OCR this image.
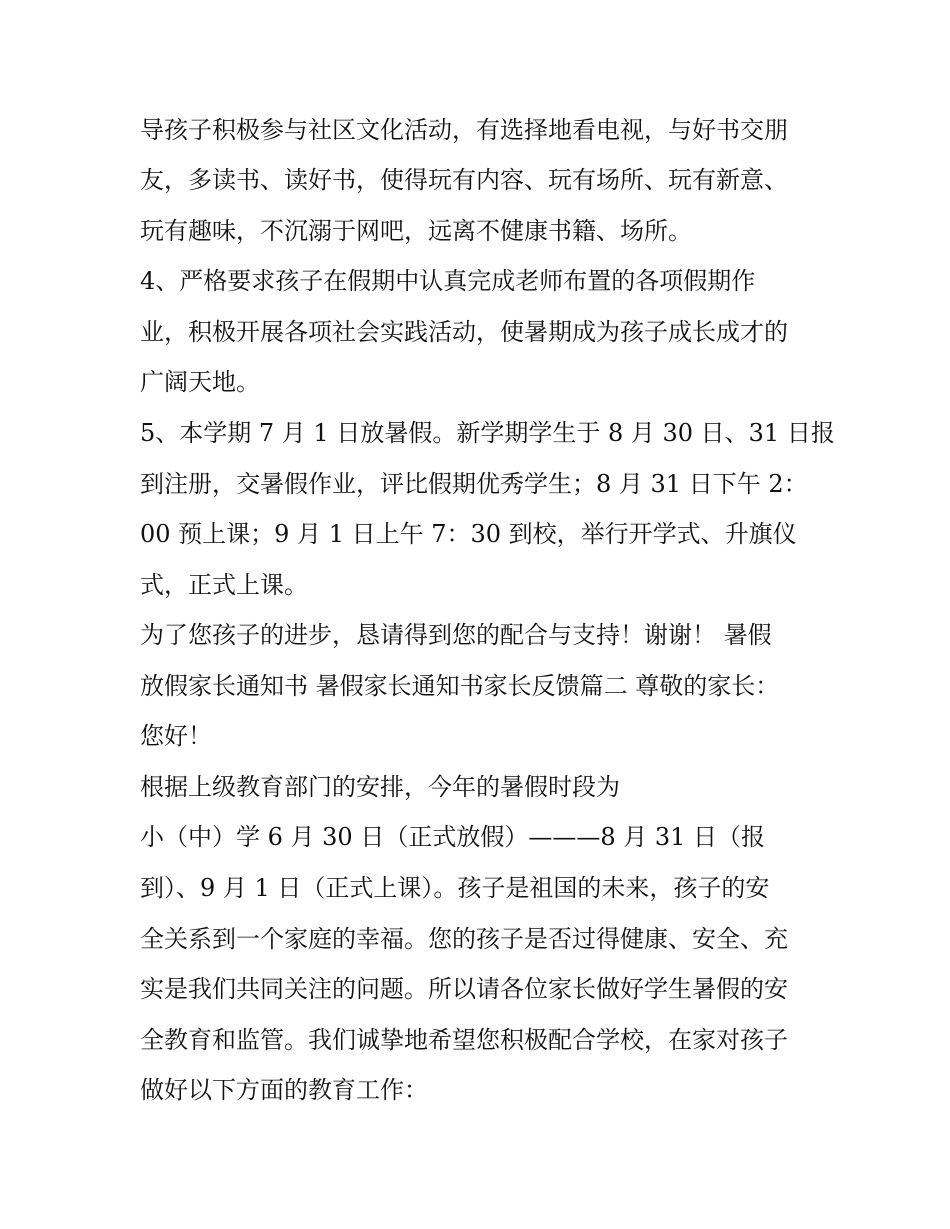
导孩子积极参与社区文化活动，有选择地看电视，与好书交朋
友，多读书、读好书，使得玩有内容、玩有场所、玩有新意、
玩有趣味，不沉溺于网吧，远离不健康书籍、场所。
4、严格要求孩子在假期中认真完成老师布置的各项假期作
业，积极开展各项社会实践活动，使暑期成为孩子成长成才的
广阔天地。
5、本学期 7 月 1 日放暑假。新学期学生于 8 月 30 日、31 日报
到注册，交暑假作业，评比假期优秀学生；8 月 31 日下午 2：
00 预上课；9 月 1 日上午 7：30 到校，举行开学式、升旗仪
式，正式上课。
为了您孩子的进步，恳请得到您的配合与支持！谢谢！ 暑假
放假家长通知书 暑假家长通知书家长反馈篇二 尊敬的家长：
您好！
根据上级教育部门的安排，今年的暑假时段为
小（中）学 6 月 30 日（正式放假）———8 月 31 日（报
到）、9 月 1 日（正式上课）。孩子是祖国的未来，孩子的安
全关系到一个家庭的幸福。您的孩子是否过得健康、安全、充
实是我们共同关注的问题。所以请各位家长做好学生暑假的安
全教育和监管。我们诚挚地希望您积极配合学校，在家对孩子
做好以下方面的教育工作：
